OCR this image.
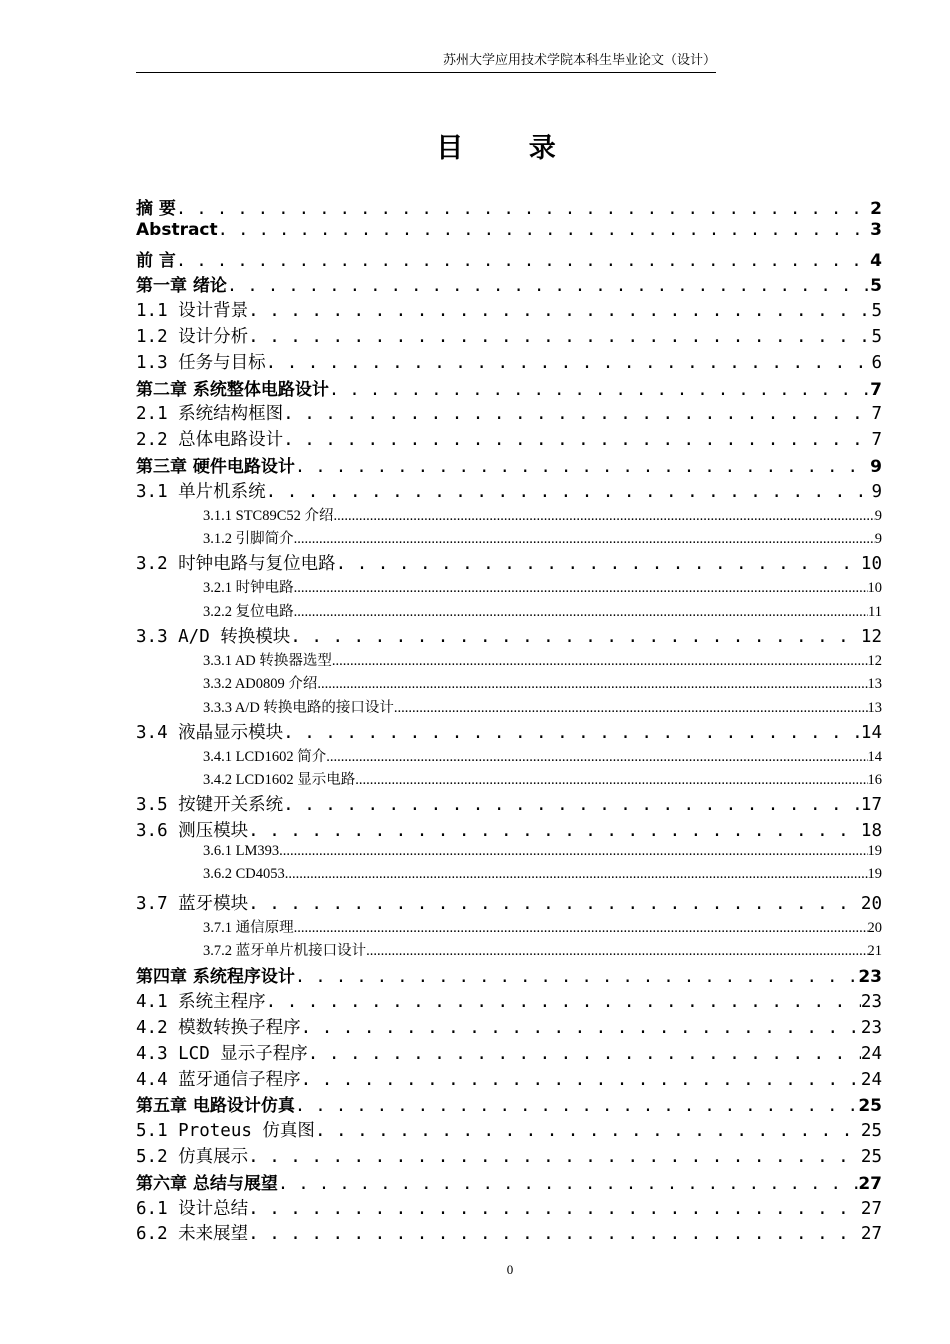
苏州大学应用技术学院本科生毕业论文（设计）
目 录
摘 要 . . .	2
Abstract . . .	3
前 言 . . .	4
第一章 绪论 . . .	5
1.1 设计背景 . . .	5
1.2 设计分析 . . .	5
1.3 任务与目标 . . .	6
第二章 系统整体电路设计 . . .	7
2.1 系统结构框图 . . .	7
2.2 总体电路设计 . . .	7
第三章 硬件电路设计 . . .	9
3.1 单片机系统 . . .	9
3.1.1 STC89C52 介绍 .....	9
3.1.2 引脚简介 .....	9
3.2 时钟电路与复位电路 . . .	10
3.2.1 时钟电路 .....	10
3.2.2 复位电路 .....	11
3.3 A/D 转换模块 . . .	12
3.3.1 AD 转换器选型 .....	12
3.3.2 AD0809 介绍 .....	13
3.3.3 A/D 转换电路的接口设计 .....	13
3.4 液晶显示模块 . . .	14
3.4.1 LCD1602 简介 .....	14
3.4.2 LCD1602 显示电路 .....	16
3.5 按键开关系统 . . .	17
3.6 测压模块 . . .	18
3.6.1 LM393 .....	19
3.6.2 CD4053 .....	19
3.7 蓝牙模块 . . .	20
3.7.1 通信原理 .....	20
3.7.2 蓝牙单片机接口设计 .....	21
第四章 系统程序设计 . . .	23
4.1 系统主程序 . . .	23
4.2 模数转换子程序 . . .	23
4.3 LCD 显示子程序 . . .	24
4.4 蓝牙通信子程序 . . .	24
第五章 电路设计仿真 . . .	25
5.1 Proteus 仿真图 . . .	25
5.2 仿真展示 . . .	25
第六章 总结与展望 . . .	27
6.1 设计总结 . . .	27
6.2 未来展望 . . .	27
0
